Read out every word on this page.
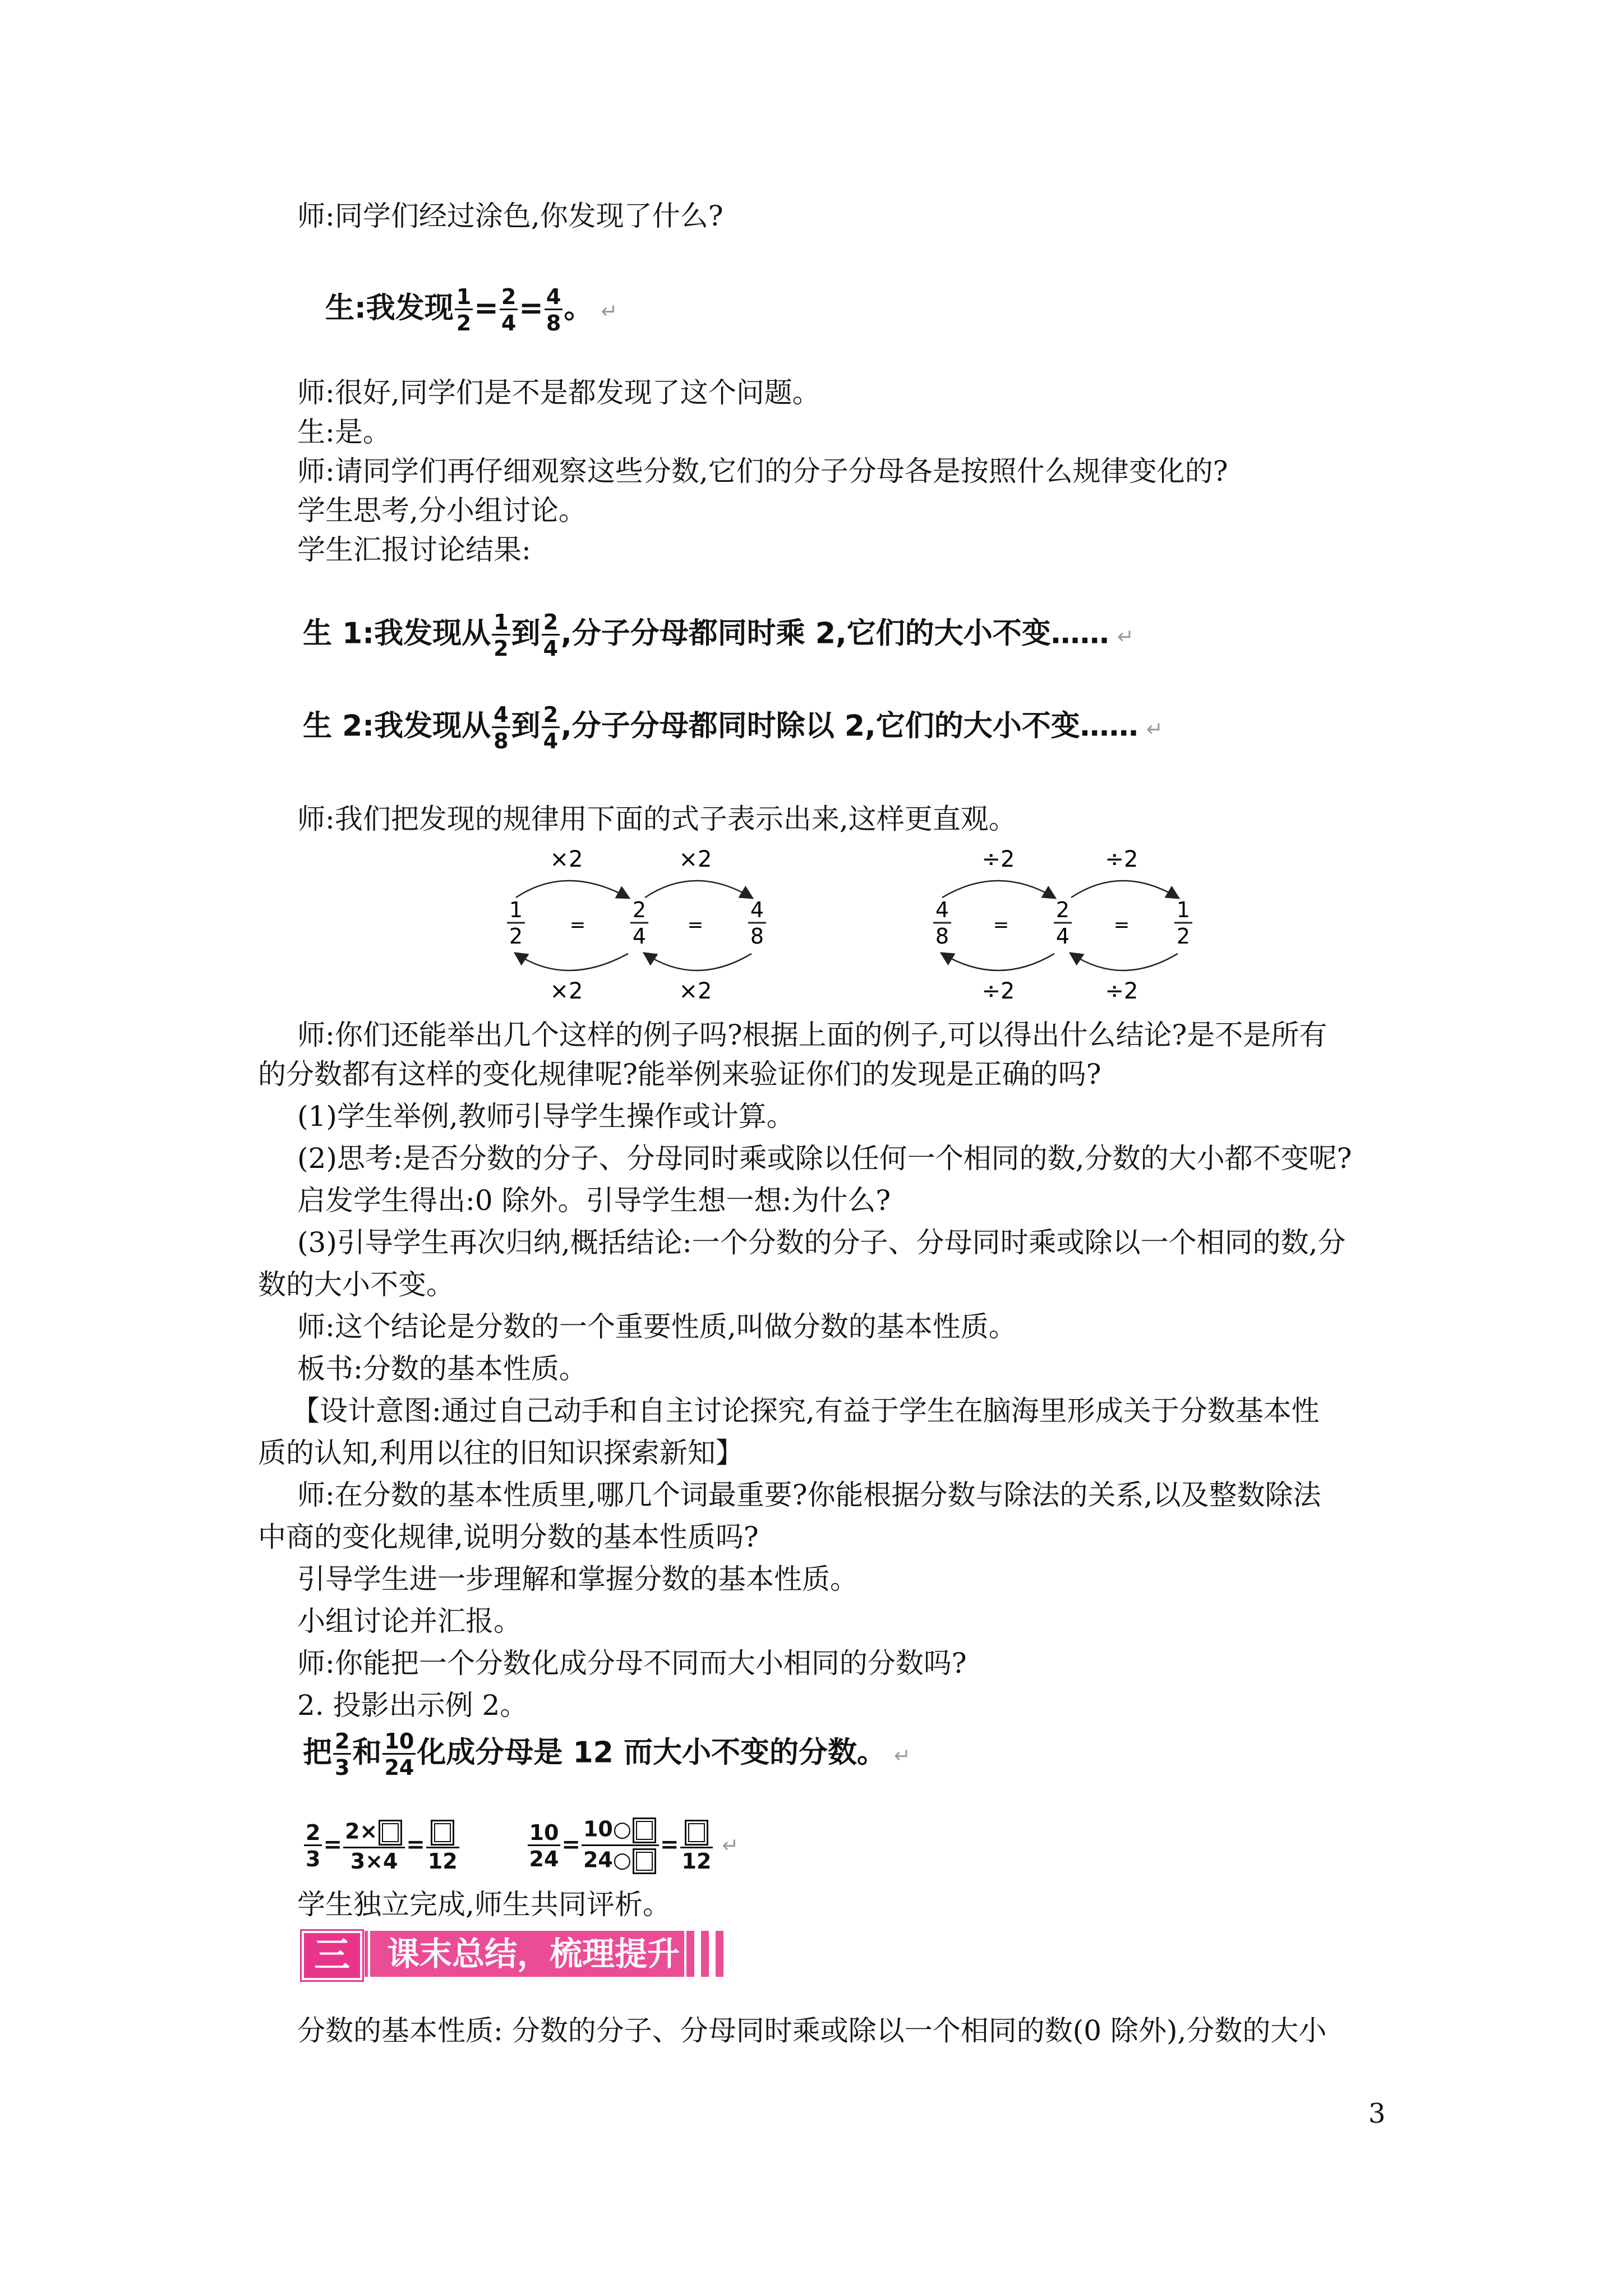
师:同学们经过涂色,你发现了什么?
生:我发现 $\frac{1}{2} = \frac{2}{4} = \frac{4}{8}$ 。 ↵
师:很好,同学们是不是都发现了这个问题。
生:是。
师:请同学们再仔细观察这些分数,它们的分子分母各是按照什么规律变化的?
学生思考,分小组讨论。
学生汇报讨论结果:
生 1:我发现从 $\frac{1}{2}$ 到 $\frac{2}{4}$ ,分子分母都同时乘 2,它们的大小不变…… ↵
生 2:我发现从 $\frac{4}{8}$ 到 $\frac{2}{4}$ ,分子分母都同时除以 2,它们的大小不变…… ↵
师:我们把发现的规律用下面的式子表示出来,这样更直观。
×2	×2
1
2 =
2
4 =
4
8
×2	×2
÷2	÷2
4
8 =
2
4 =
1
2
÷2	÷2
师:你们还能举出几个这样的例子吗?根据上面的例子,可以得出什么结论?是不是所有
的分数都有这样的变化规律呢?能举例来验证你们的发现是正确的吗?
(1)学生举例,教师引导学生操作或计算。
(2)思考:是否分数的分子、分母同时乘或除以任何一个相同的数,分数的大小都不变呢?
启发学生得出:0 除外。引导学生想一想:为什么?
(3)引导学生再次归纳,概括结论:一个分数的分子、分母同时乘或除以一个相同的数,分
数的大小不变。
师:这个结论是分数的一个重要性质,叫做分数的基本性质。
板书:分数的基本性质。
【设计意图:通过自己动手和自主讨论探究,有益于学生在脑海里形成关于分数基本性
质的认知,利用以往的旧知识探索新知】
师:在分数的基本性质里,哪几个词最重要?你能根据分数与除法的关系,以及整数除法
中商的变化规律,说明分数的基本性质吗?
引导学生进一步理解和掌握分数的基本性质。
小组讨论并汇报。
师:你能把一个分数化成分母不同而大小相同的分数吗?
2. 投影出示例 2。
把 $\frac{2}{3}$ 和 $\frac{10}{24}$ 化成分母是 12 而大小不变的分数。 ↵
$\frac{2}{3} = \frac{2\times}{3\times 4}$ =
12
	$\frac{10}{24} = \frac{10○}{24○}$ =
12
↵
学生独立完成,师生共同评析。
三	课末总结，梳理提升
分数的基本性质: 分数的分子、分母同时乘或除以一个相同的数(0 除外),分数的大小
3
